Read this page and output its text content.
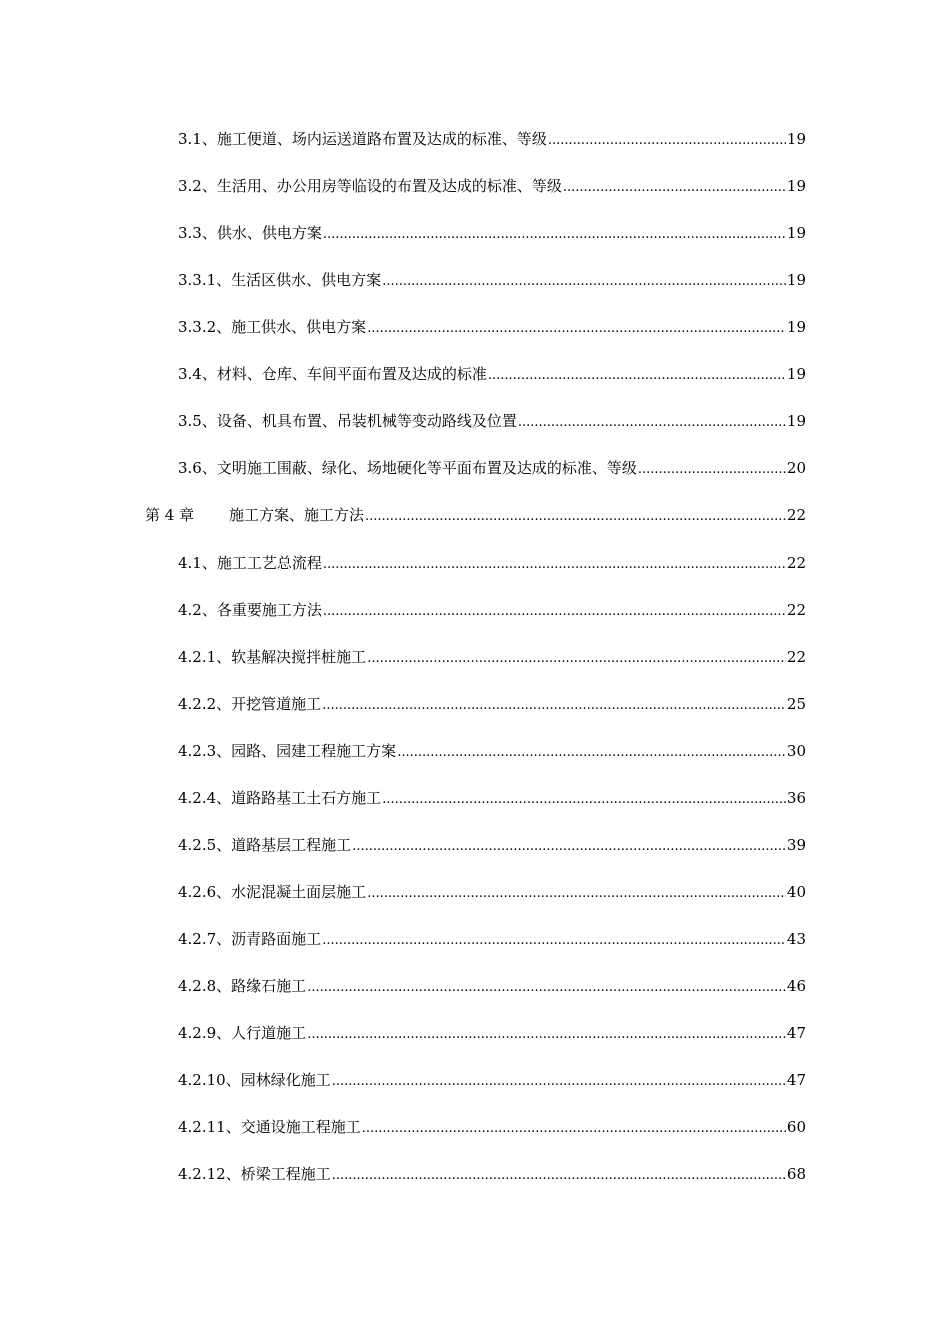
3.1 、施工便道、场内运送道路布置及达成的标准、等级 .....	19
3.2 、生活用、办公用房等临设的布置及达成的标准、等级 .....	19
3.3 、供水、供电方案 .....	19
3.3.1 、生活区供水、供电方案 .....	19
3.3.2 、施工供水、供电方案 .....	19
3.4 、材料、仓库、车间平面布置及达成的标准 .....	19
3.5 、设备、机具布置、吊装机械等变动路线及位置 .....	19
3.6 、文明施工围蔽、绿化、场地硬化等平面布置及达成的标准、等级 .....	20
第 4 章	施工方案、施工方法 .....	22
4.1 、施工工艺总流程 .....	22
4.2 、各重要施工方法 .....	22
4.2.1 、软基解决搅拌桩施工 .....	22
4.2.2 、开挖管道施工 .....	25
4.2.3 、园路、园建工程施工方案 .....	30
4.2.4 、道路路基工土石方施工 .....	36
4.2.5 、道路基层工程施工 .....	39
4.2.6 、水泥混凝土面层施工 .....	40
4.2.7 、沥青路面施工 .....	43
4.2.8 、路缘石施工 .....	46
4.2.9 、人行道施工 .....	47
4.2.10 、园林绿化施工 .....	47
4.2.11 、交通设施工程施工 .....	60
4.2.12 、桥梁工程施工 .....	68
